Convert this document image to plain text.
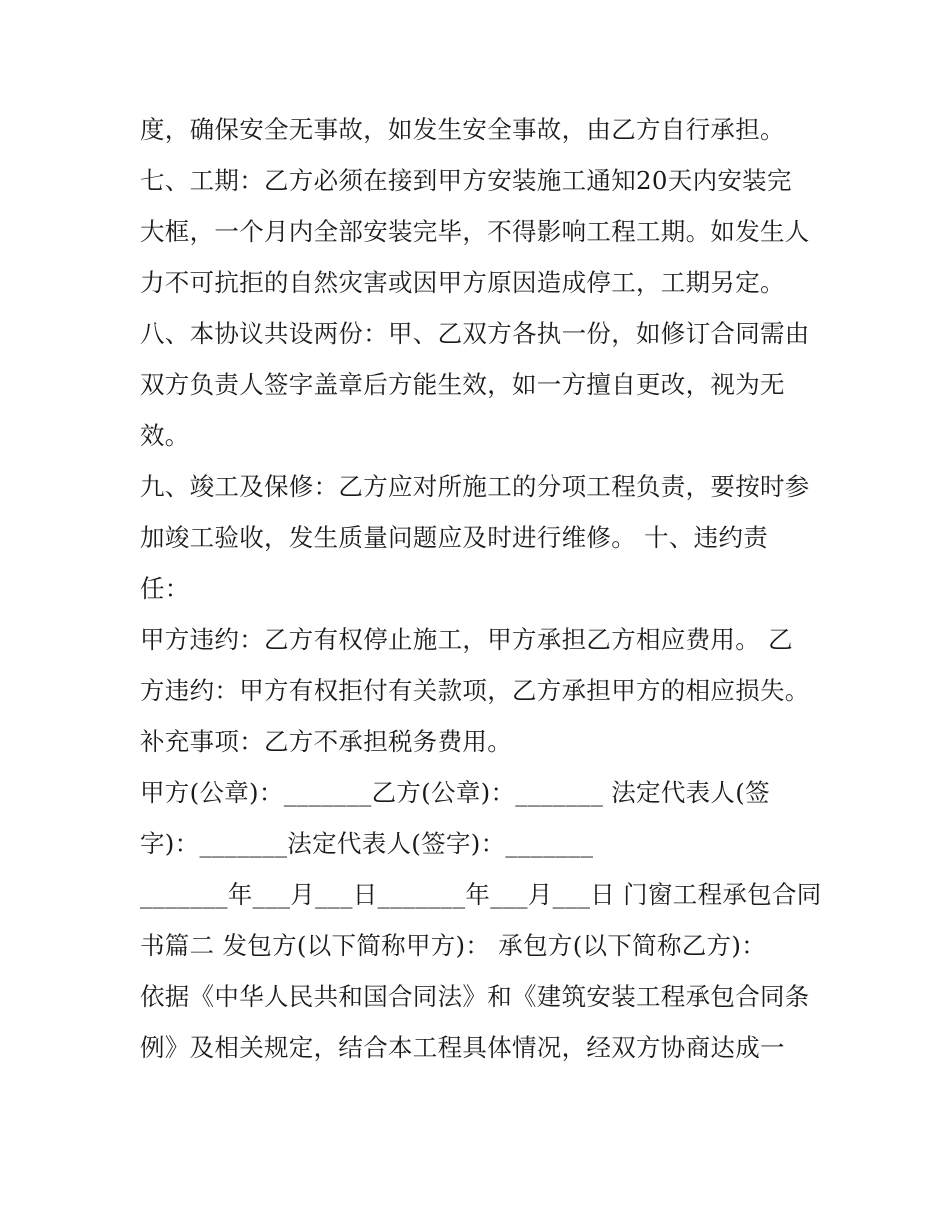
度，确保安全无事故，如发生安全事故，由乙方自行承担。
七、工期：乙方必须在接到甲方安装施工通知20天内安装完
大框，一个月内全部安装完毕，不得影响工程工期。如发生人
力不可抗拒的自然灾害或因甲方原因造成停工，工期另定。
八、本协议共设两份：甲、乙双方各执一份，如修订合同需由
双方负责人签字盖章后方能生效，如一方擅自更改，视为无
效。
九、竣工及保修：乙方应对所施工的分项工程负责，要按时参
加竣工验收，发生质量问题应及时进行维修。 十、违约责
任：
甲方违约：乙方有权停止施工，甲方承担乙方相应费用。 乙
方违约：甲方有权拒付有关款项，乙方承担甲方的相应损失。
补充事项：乙方不承担税务费用。
甲方(公章)：_______乙方(公章)：_______ 法定代表人(签
字)：_______法定代表人(签字)：_______
_______年___月___日_______年___月___日 门窗工程承包合同
书篇二 发包方(以下简称甲方)： 承包方(以下简称乙方)：
依据《中华人民共和国合同法》和《建筑安装工程承包合同条
例》及相关规定，结合本工程具体情况，经双方协商达成一
